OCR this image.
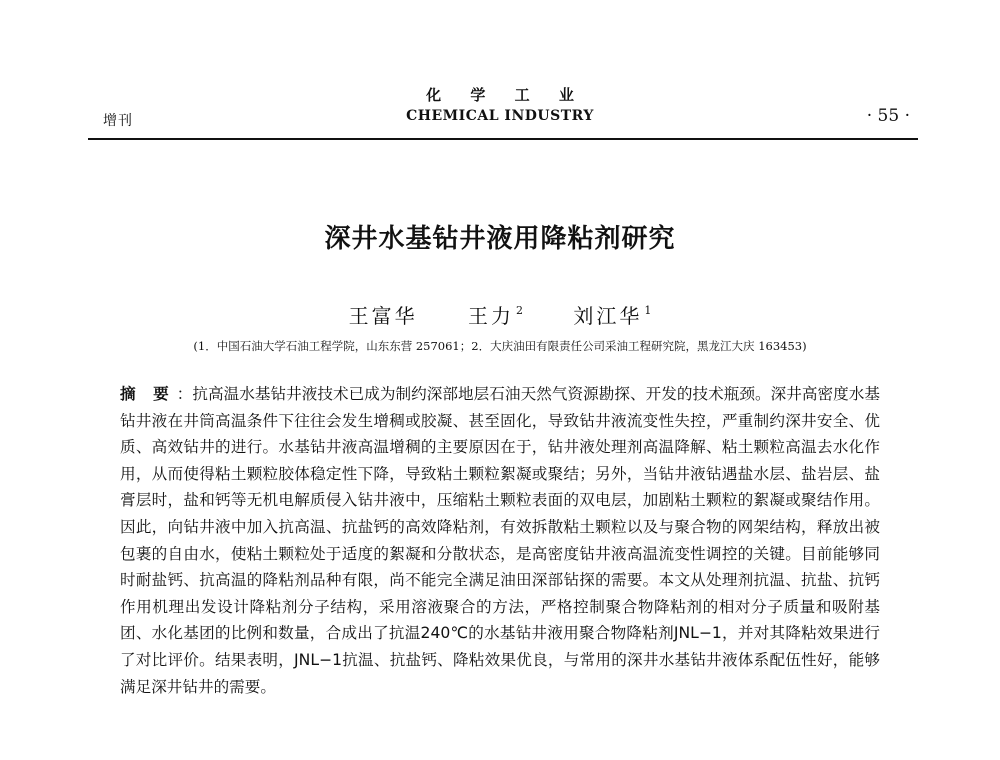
增刊
化 学 工 业
CHEMICAL INDUSTRY	· 55 ·
深井水基钻井液用降粘剂研究
王富华	王力 $^2$	刘江华 $^1$
(1．中国石油大学石油工程学院，山东东营 257061；2．大庆油田有限责任公司采油工程研究院，黑龙江大庆 163453)
摘 要 ：抗高温水基钻井液技术已成为制约深部地层石油天然气资源勘探、开发的技术瓶颈。深井高密度水基钻井液在井筒高温条件下往往会发生增稠或胶凝、甚至固化，导致钻井液流变性失控，严重制约深井安全、优质、高效钻井的进行。水基钻井液高温增稠的主要原因在于，钻井液处理剂高温降解、粘土颗粒高温去水化作用，从而使得粘土颗粒胶体稳定性下降，导致粘土颗粒絮凝或聚结；另外，当钻井液钻遇盐水层、盐岩层、盐膏层时，盐和钙等无机电解质侵入钻井液中，压缩粘土颗粒表面的双电层，加剧粘土颗粒的絮凝或聚结作用。因此，向钻井液中加入抗高温、抗盐钙的高效降粘剂，有效拆散粘土颗粒以及与聚合物的网架结构，释放出被包裹的自由水，使粘土颗粒处于适度的絮凝和分散状态，是高密度钻井液高温流变性调控的关键。目前能够同时耐盐钙、抗高温的降粘剂品种有限，尚不能完全满足油田深部钻探的需要。本文从处理剂抗温、抗盐、抗钙作用机理出发设计降粘剂分子结构，采用溶液聚合的方法，严格控制聚合物降粘剂的相对分子质量和吸附基团、水化基团的比例和数量，合成出了抗温240℃的水基钻井液用聚合物降粘剂JNL−1，并对其降粘效果进行了对比评价。结果表明，JNL−1抗温、抗盐钙、降粘效果优良，与常用的深井水基钻井液体系配伍性好，能够满足深井钻井的需要。
